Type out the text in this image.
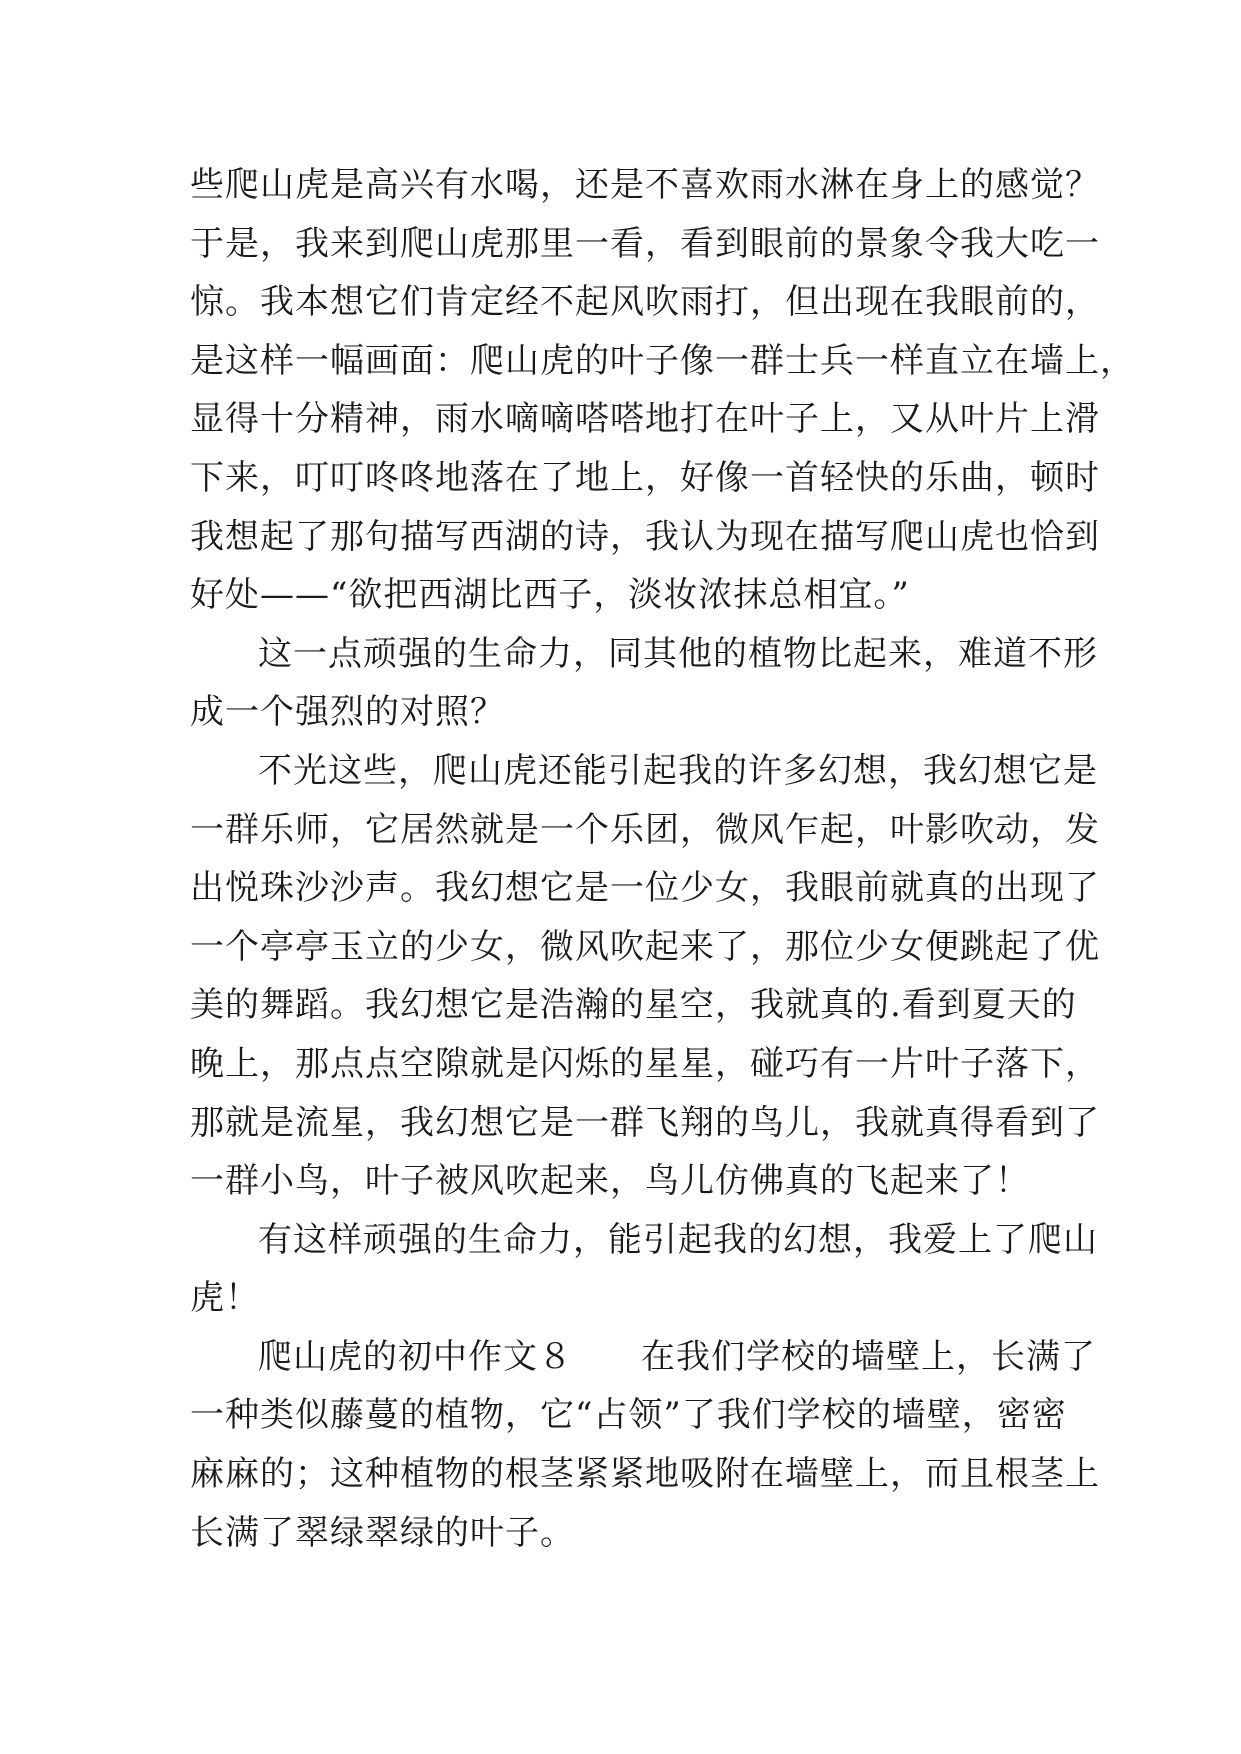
些爬山虎是高兴有水喝，还是不喜欢雨水淋在身上的感觉？
于是，我来到爬山虎那里一看，看到眼前的景象令我大吃一
惊。我本想它们肯定经不起风吹雨打，但出现在我眼前的，
是这样一幅画面：爬山虎的叶子像一群士兵一样直立在墙上，
显得十分精神，雨水嘀嘀嗒嗒地打在叶子上，又从叶片上滑
下来，叮叮咚咚地落在了地上，好像一首轻快的乐曲，顿时
我想起了那句描写西湖的诗，我认为现在描写爬山虎也恰到
好处——“欲把西湖比西子，淡妆浓抹总相宜。”
这一点顽强的生命力，同其他的植物比起来，难道不形
成一个强烈的对照？
不光这些，爬山虎还能引起我的许多幻想，我幻想它是
一群乐师，它居然就是一个乐团，微风乍起，叶影吹动，发
出悦珠沙沙声。我幻想它是一位少女，我眼前就真的出现了
一个亭亭玉立的少女，微风吹起来了，那位少女便跳起了优
美的舞蹈。我幻想它是浩瀚的星空，我就真的.看到夏天的
晚上，那点点空隙就是闪烁的星星，碰巧有一片叶子落下，
那就是流星，我幻想它是一群飞翔的鸟儿，我就真得看到了
一群小鸟，叶子被风吹起来，鸟儿仿佛真的飞起来了！
有这样顽强的生命力，能引起我的幻想，我爱上了爬山
虎！
爬山虎的初中作文８ 在我们学校的墙壁上，长满了
一种类似藤蔓的植物，它“占领”了我们学校的墙壁，密密
麻麻的；这种植物的根茎紧紧地吸附在墙壁上，而且根茎上
长满了翠绿翠绿的叶子。
